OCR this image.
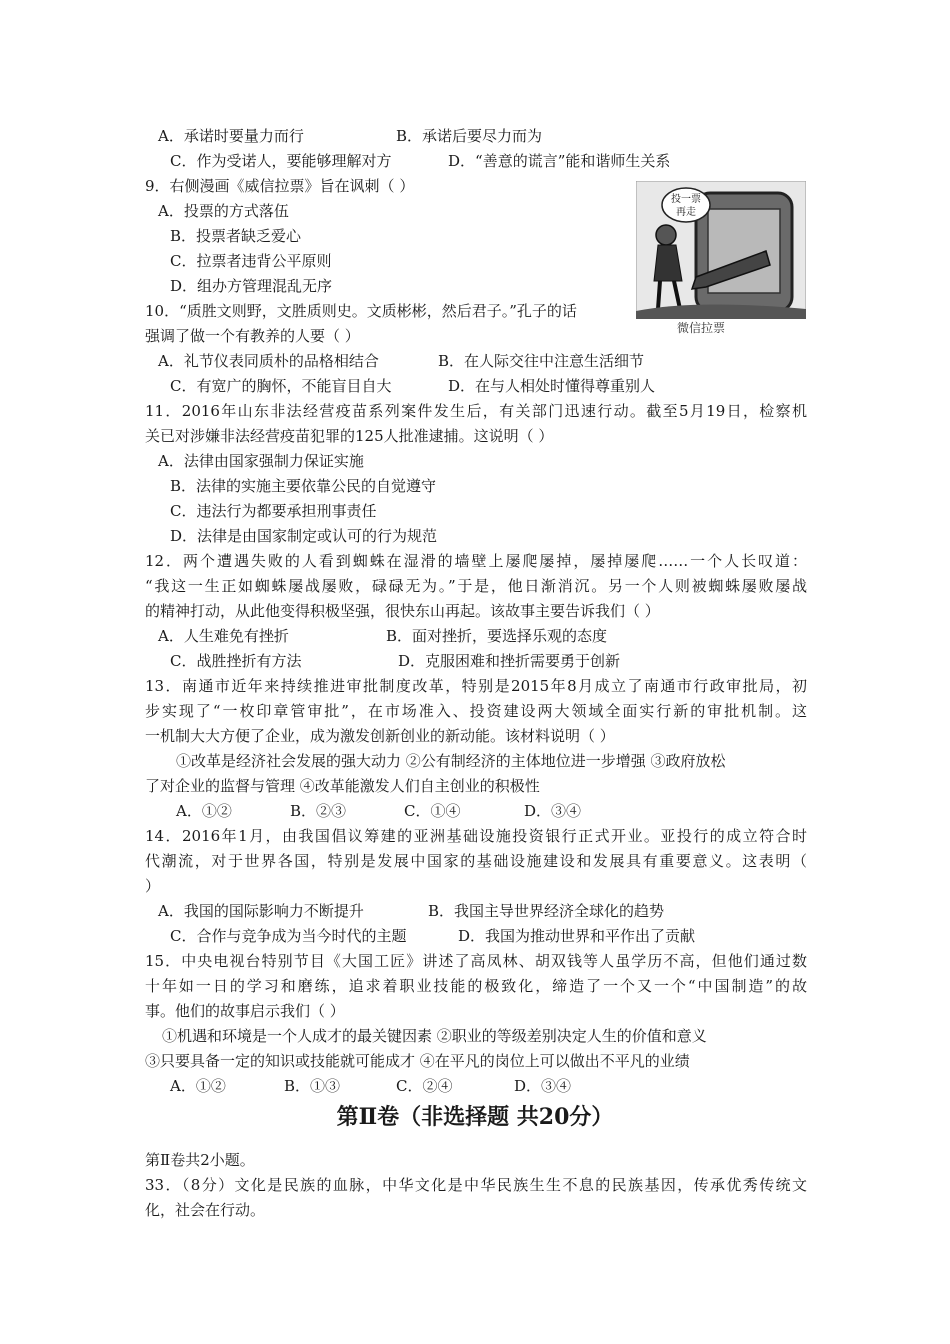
A．承诺时要量力而行	B．承诺后要尽力而为
C．作为受诺人，要能够理解对方	D．“善意的谎言”能和谐师生关系
9．右侧漫画《威信拉票》旨在讽刺（ ）
A．投票的方式落伍
B．投票者缺乏爱心
C．拉票者违背公平原则
D．组办方管理混乱无序
投一票
再走
微信拉票
10．“质胜文则野，文胜质则史。文质彬彬，然后君子。”孔子的话
强调了做一个有教养的人要（ ）
A．礼节仪表同质朴的品格相结合	B．在人际交往中注意生活细节
C．有宽广的胸怀，不能盲目自大	D．在与人相处时懂得尊重别人
11．2016年山东非法经营疫苗系列案件发生后，有关部门迅速行动。截至5月19日，检察机
关已对涉嫌非法经营疫苗犯罪的125人批准逮捕。这说明（ ）
A．法律由国家强制力保证实施
B．法律的实施主要依靠公民的自觉遵守
C．违法行为都要承担刑事责任
D．法律是由国家制定或认可的行为规范
12．两个遭遇失败的人看到蜘蛛在湿滑的墙壁上屡爬屡掉，屡掉屡爬……一个人长叹道：
“我这一生正如蜘蛛屡战屡败，碌碌无为。”于是，他日渐消沉。另一个人则被蜘蛛屡败屡战
的精神打动，从此他变得积极坚强，很快东山再起。该故事主要告诉我们（ ）
A．人生难免有挫折	B．面对挫折，要选择乐观的态度
C．战胜挫折有方法	D．克服困难和挫折需要勇于创新
13．南通市近年来持续推进审批制度改革，特别是2015年8月成立了南通市行政审批局，初
步实现了“一枚印章管审批”，在市场准入、投资建设两大领域全面实行新的审批机制。这
一机制大大方便了企业，成为激发创新创业的新动能。该材料说明（ ）
①改革是经济社会发展的强大动力 ②公有制经济的主体地位进一步增强 ③政府放松
了对企业的监督与管理 ④改革能激发人们自主创业的积极性
A．①②	B．②③	C．①④	D．③④
14．2016年1月，由我国倡议筹建的亚洲基础设施投资银行正式开业。亚投行的成立符合时
代潮流，对于世界各国，特别是发展中国家的基础设施建设和发展具有重要意义。这表明（
）
A．我国的国际影响力不断提升	B．我国主导世界经济全球化的趋势
C．合作与竞争成为当今时代的主题	D．我国为推动世界和平作出了贡献
15．中央电视台特别节目《大国工匠》讲述了高凤林、胡双钱等人虽学历不高，但他们通过数
十年如一日的学习和磨练，追求着职业技能的极致化，缔造了一个又一个“中国制造”的故
事。他们的故事启示我们（ ）
①机遇和环境是一个人成才的最关键因素 ②职业的等级差别决定人生的价值和意义
③只要具备一定的知识或技能就可能成才 ④在平凡的岗位上可以做出不平凡的业绩
A．①②	B．①③	C．②④	D．③④
第Ⅱ卷（非选择题 共20分）
第Ⅱ卷共2小题。
33．（8分）文化是民族的血脉，中华文化是中华民族生生不息的民族基因，传承优秀传统文
化，社会在行动。
